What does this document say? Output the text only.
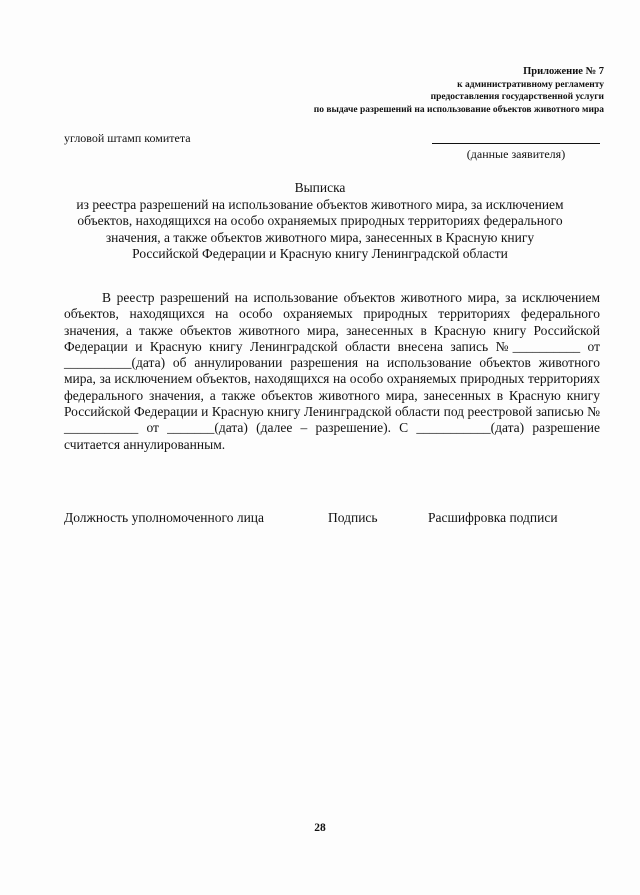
Приложение № 7
к административному регламенту
предоставления государственной услуги
по выдаче разрешений на использование объектов животного мира
угловой штамп комитета
(данные заявителя)
Выписка
из реестра разрешений на использование объектов животного мира, за исключением
объектов, находящихся на особо охраняемых природных территориях федерального
значения, а также объектов животного мира, занесенных в Красную книгу
Российской Федерации и Красную книгу Ленинградской области
В реестр разрешений на использование объектов животного мира, за исключением объектов, находящихся на особо охраняемых природных территориях федерального значения, а также объектов животного мира, занесенных в Красную книгу Российской Федерации и Красную книгу Ленинградской области внесена запись №__________ от __________(дата) об аннулировании разрешения на использование объектов животного мира, за исключением объектов, находящихся на особо охраняемых природных территориях федерального значения, а также объектов животного мира, занесенных в Красную книгу Российской Федерации и Красную книгу Ленинградской области под реестровой записью № ___________ от _______(дата) (далее – разрешение). С ___________(дата) разрешение считается аннулированным.
Должность уполномоченного лица	Подпись	Расшифровка подписи
28
